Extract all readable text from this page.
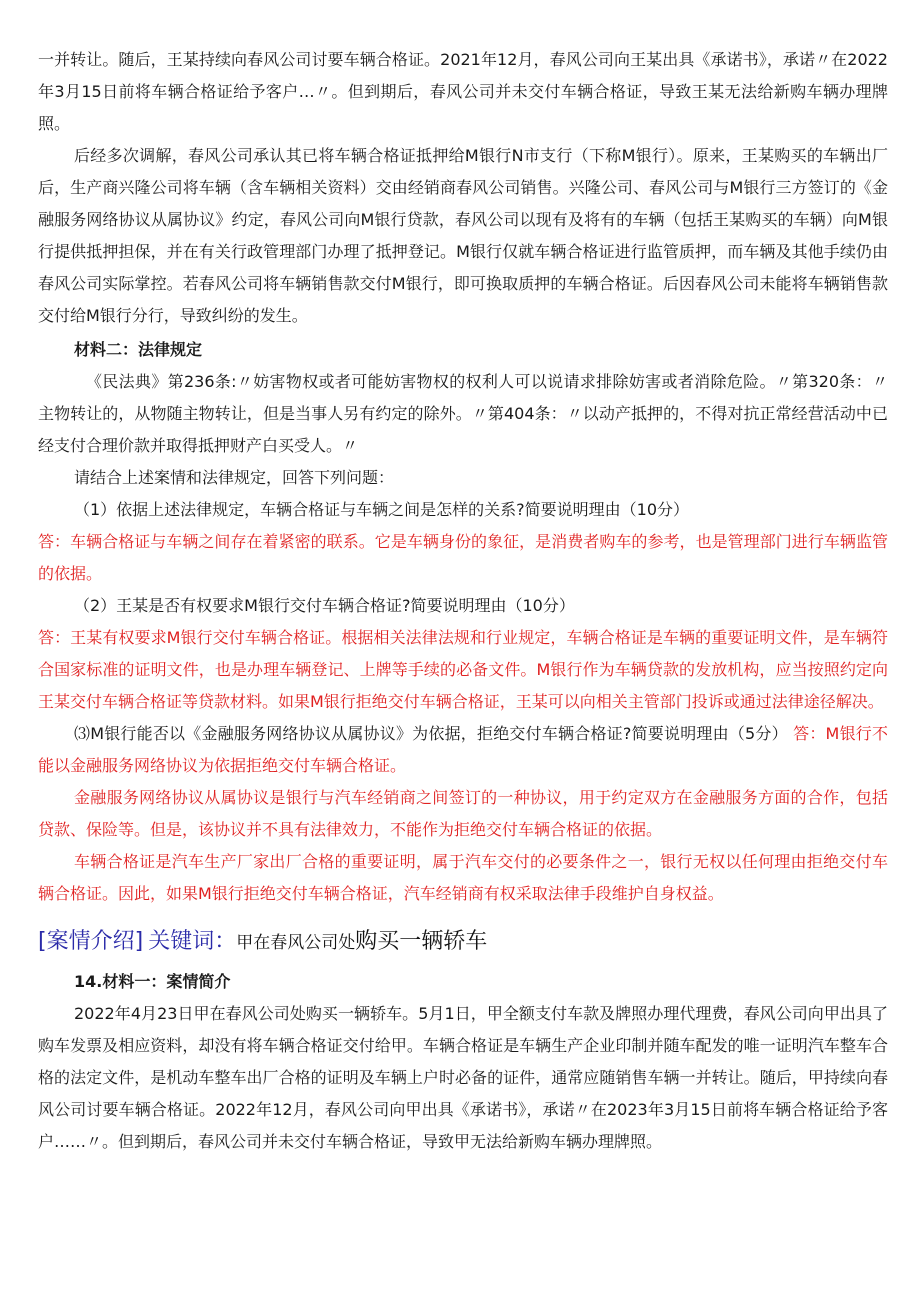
一并转让。随后，王某持续向春风公司讨要车辆合格证。2021年12月，春风公司向王某出具《承诺书》，承诺〃在2022年3月15日前将车辆合格证给予客户…〃。但到期后，春风公司并未交付车辆合格证，导致王某无法给新购车辆办理牌照。

后经多次调解，春风公司承认其已将车辆合格证抵押给M银行N市支行（下称M银行）。原来，王某购买的车辆出厂后，生产商兴隆公司将车辆（含车辆相关资料）交由经销商春风公司销售。兴隆公司、春风公司与M银行三方签订的《金融服务网络协议从属协议》约定，春风公司向M银行贷款，春风公司以现有及将有的车辆（包括王某购买的车辆）向M银行提供抵押担保，并在有关行政管理部门办理了抵押登记。M银行仅就车辆合格证进行监管质押，而车辆及其他手续仍由春风公司实际掌控。若春风公司将车辆销售款交付M银行，即可换取质押的车辆合格证。后因春风公司未能将车辆销售款交付给M银行分行，导致纠纷的发生。

材料二：法律规定

《民法典》第236条:〃妨害物权或者可能妨害物权的权利人可以说请求排除妨害或者消除危险。〃第320条：〃主物转让的，从物随主物转让，但是当事人另有约定的除外。〃第404条：〃以动产抵押的，不得对抗正常经营活动中已经支付合理价款并取得抵押财产白买受人。〃

请结合上述案情和法律规定，回答下列问题：

（1）依据上述法律规定，车辆合格证与车辆之间是怎样的关系?简要说明理由（10分）

答：车辆合格证与车辆之间存在着紧密的联系。它是车辆身份的象征，是消费者购车的参考，也是管理部门进行车辆监管的依据。

（2）王某是否有权要求M银行交付车辆合格证?简要说明理由（10分）

答：王某有权要求M银行交付车辆合格证。根据相关法律法规和行业规定，车辆合格证是车辆的重要证明文件，是车辆符合国家标准的证明文件，也是办理车辆登记、上牌等手续的必备文件。M银行作为车辆贷款的发放机构，应当按照约定向王某交付车辆合格证等贷款材料。如果M银行拒绝交付车辆合格证，王某可以向相关主管部门投诉或通过法律途径解决。

⑶M银行能否以《金融服务网络协议从属协议》为依据，拒绝交付车辆合格证?简要说明理由（5分） 答：M银行不能以金融服务网络协议为依据拒绝交付车辆合格证。

金融服务网络协议从属协议是银行与汽车经销商之间签订的一种协议，用于约定双方在金融服务方面的合作，包括贷款、保险等。但是，该协议并不具有法律效力，不能作为拒绝交付车辆合格证的依据。

车辆合格证是汽车生产厂家出厂合格的重要证明，属于汽车交付的必要条件之一，银行无权以任何理由拒绝交付车辆合格证。因此，如果M银行拒绝交付车辆合格证，汽车经销商有权采取法律手段维护自身权益。

[案情介绍] 关键词：甲在春风公司处购买一辆轿车

14.材料一：案情简介

2022年4月23日甲在春风公司处购买一辆轿车。5月1日，甲全额支付车款及牌照办理代理费，春风公司向甲出具了购车发票及相应资料，却没有将车辆合格证交付给甲。车辆合格证是车辆生产企业印制并随车配发的唯一证明汽车整车合格的法定文件，是机动车整车出厂合格的证明及车辆上户时必备的证件，通常应随销售车辆一并转让。随后，甲持续向春风公司讨要车辆合格证。2022年12月，春风公司向甲出具《承诺书》，承诺〃在2023年3月15日前将车辆合格证给予客户……〃。但到期后，春风公司并未交付车辆合格证，导致甲无法给新购车辆办理牌照。
